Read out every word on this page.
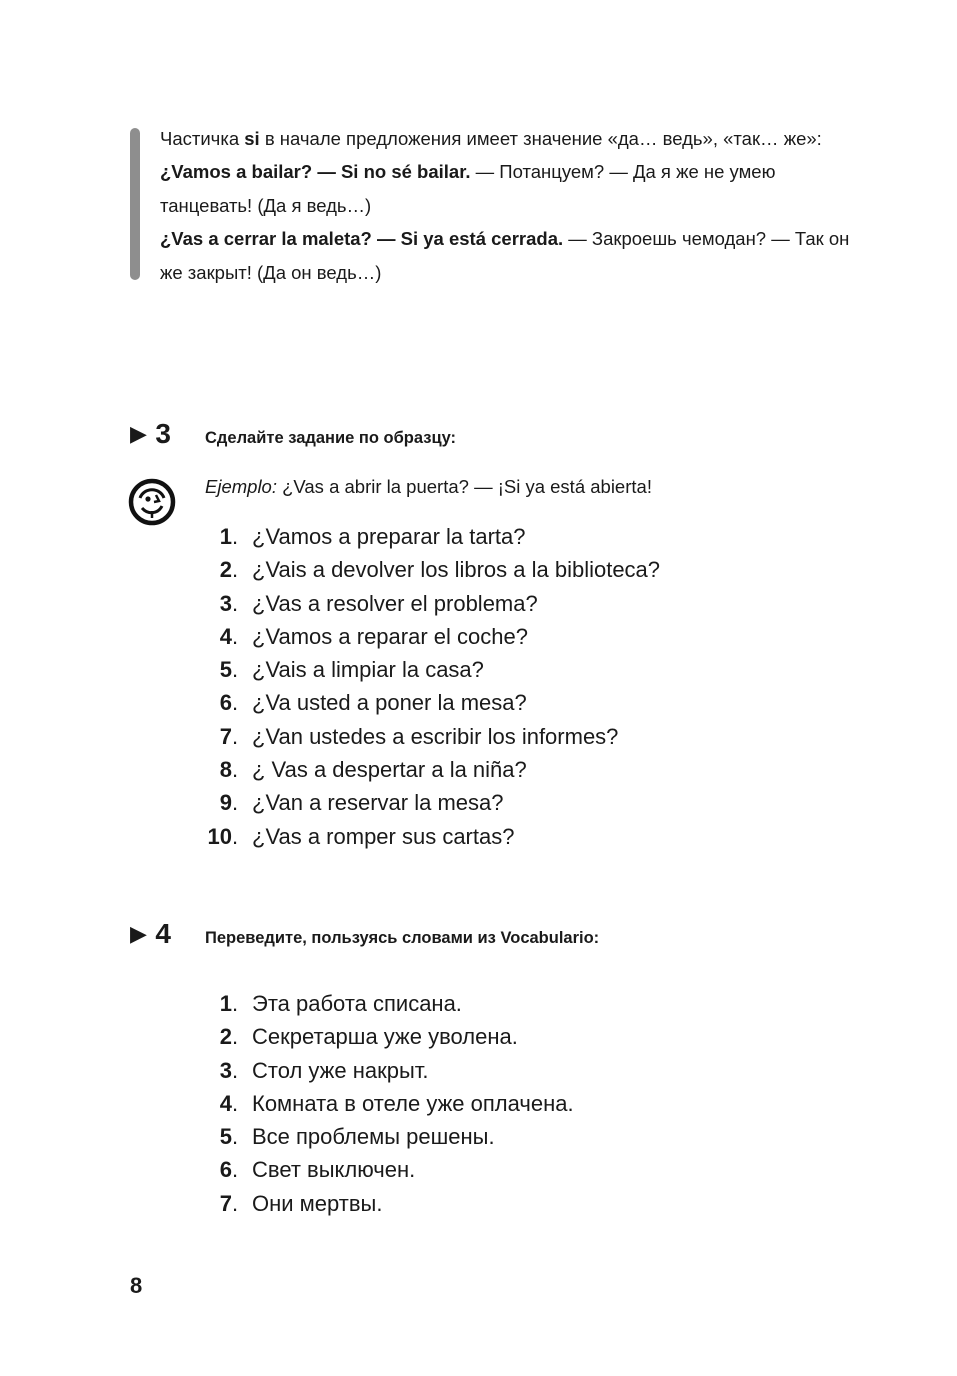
Частичка si в начале предложения имеет значение «да… ведь», «так… же»:

¿Vamos a bailar? — Si no sé bailar. — Потанцуем? — Да я же не умею танцевать! (Да я ведь…)

¿Vas a cerrar la maleta? — Si ya está cerrada. — Закроешь чемодан? — Так он же закрыт! (Да он ведь…)

▶ 3 Сделайте задание по образцу:
Ejemplo: ¿Vas a abrir la puerta? — ¡Si ya está abierta!
1. ¿Vamos a preparar la tarta?
2. ¿Vais a devolver los libros a la biblioteca?
3. ¿Vas a resolver el problema?
4. ¿Vamos a reparar el coche?
5. ¿Vais a limpiar la casa?
6. ¿Va usted a poner la mesa?
7. ¿Van ustedes a escribir los informes?
8. ¿ Vas a despertar a la niña?
9. ¿Van a reservar la mesa?
10. ¿Vas a romper sus cartas?
▶ 4 Переведите, пользуясь словами из Vocabulario:
1. Эта работа списана.
2. Секретарша уже уволена.
3. Стол уже накрыт.
4. Комната в отеле уже оплачена.
5. Все проблемы решены.
6. Свет выключен.
7. Они мертвы.
8
